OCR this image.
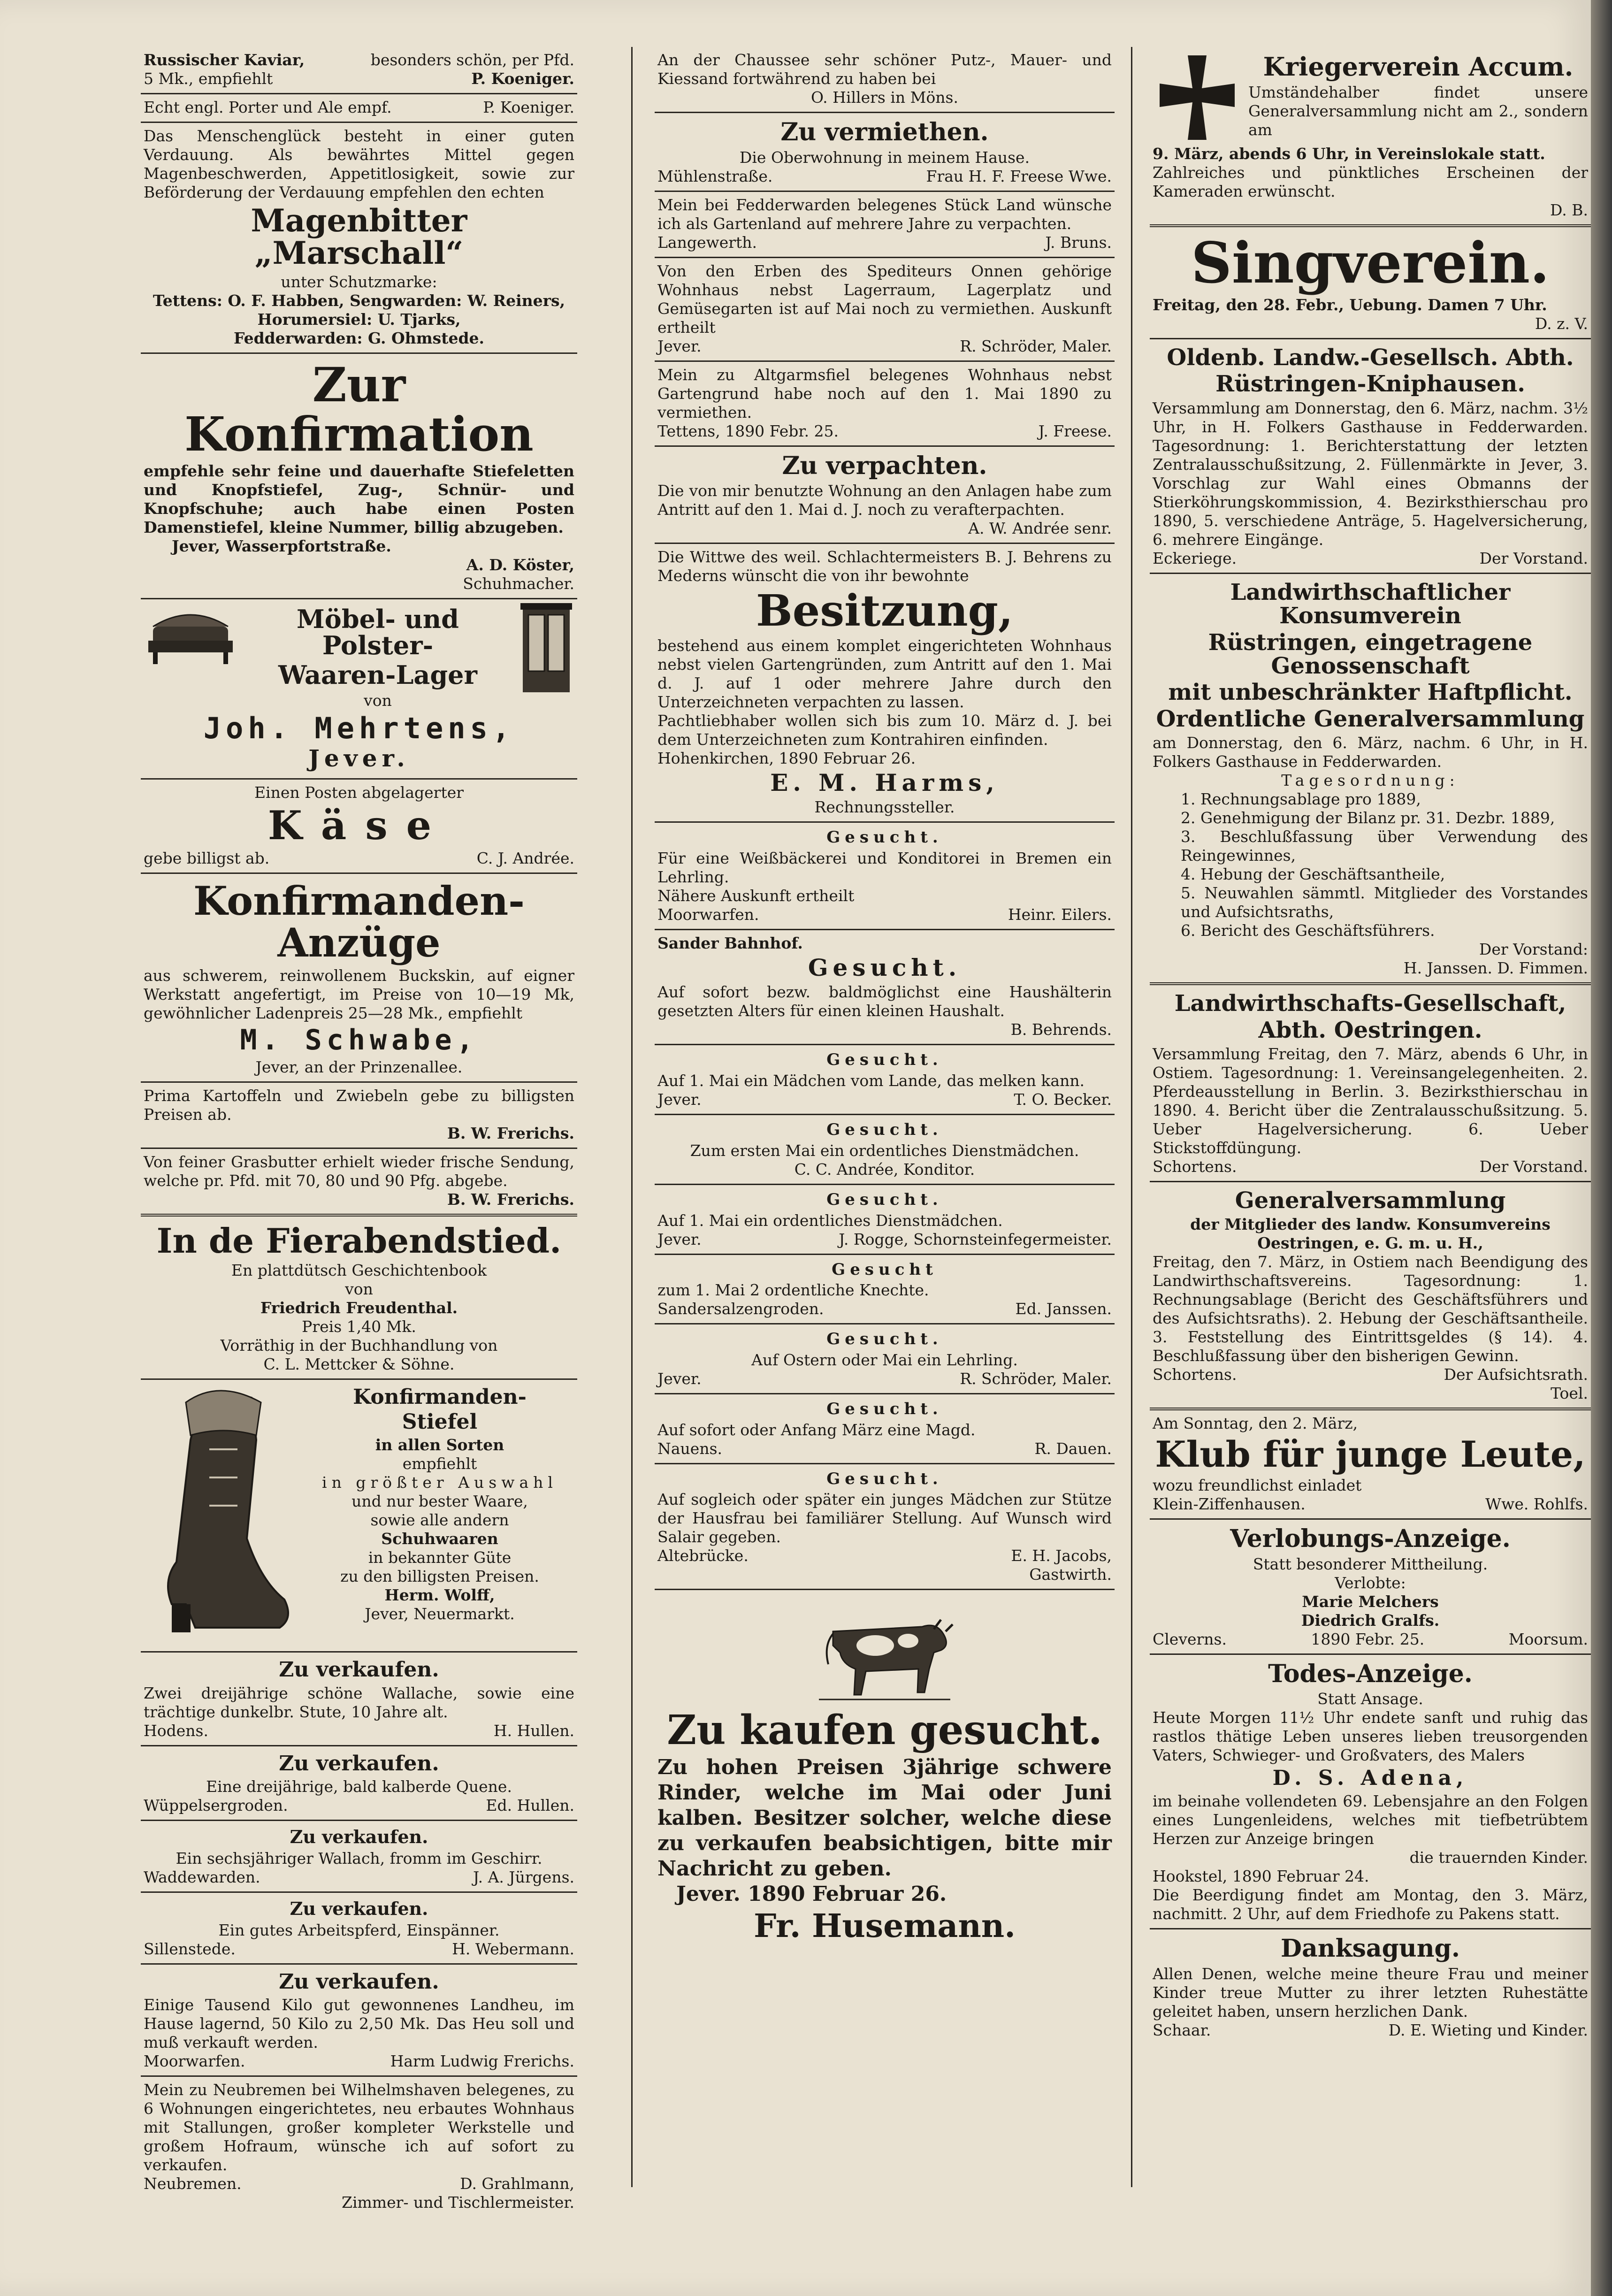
Russischer Kaviar,	besonders schön, per Pfd.
5 Mk., empfiehlt	P. Koeniger.
Echt engl. Porter und Ale empf.	P. Koeniger.

Das Menschenglück besteht in einer guten Verdauung. Als bewährtes Mittel gegen Magenbeschwerden, Appetitlosigkeit, sowie zur Beförderung der Verdauung empfehlen den echten

Magenbitter „Marschall“

unter Schutzmarke:

Tettens: O. F. Habben, Sengwarden: W. Reiners,

Horumersiel: U. Tjarks,

Fedderwarden: G. Ohmstede.

Zur Konfirmation

empfehle sehr feine und dauerhafte Stiefeletten und Knopfstiefel, Zug-, Schnür- und Knopfschuhe; auch habe einen Posten Damenstiefel, kleine Nummer, billig abzugeben.

Jever, Wasserpfortstraße.

A. D. Köster,

Schuhmacher.

Möbel- und Polster-
Waaren-Lager

von

Joh. Mehrtens,
Jever.

Einen Posten abgelagerter

Käse
gebe billigst ab.	C. J. Andrée.
Konfirmanden-Anzüge

aus schwerem, reinwollenem Buckskin, auf eigner Werkstatt angefertigt, im Preise von 10—19 Mk, gewöhnlicher Ladenpreis 25—28 Mk., empfiehlt

M. Schwabe,

Jever, an der Prinzenallee.

Prima Kartoffeln und Zwiebeln gebe zu billigsten Preisen ab.

B. W. Frerichs.

Von feiner Grasbutter erhielt wieder frische Sendung, welche pr. Pfd. mit 70, 80 und 90 Pfg. abgebe.

B. W. Frerichs.

In de Fierabendstied.

En plattdütsch Geschichtenbook

von

Friedrich Freudenthal.

Preis 1,40 Mk.

Vorräthig in der Buchhandlung von

C. L. Mettcker & Söhne.

Konfirmanden-
Stiefel

in allen Sorten

empfiehlt

in größter Auswahl

und nur bester Waare,

sowie alle andern

Schuhwaaren

in bekannter Güte

zu den billigsten Preisen.

Herm. Wolff,

Jever, Neuermarkt.

Zu verkaufen.

Zwei dreijährige schöne Wallache, sowie eine trächtige dunkelbr. Stute, 10 Jahre alt.

Hodens.	H. Hullen.
Zu verkaufen.

Eine dreijährige, bald kalberde Quene.

Wüppelsergroden.	Ed. Hullen.
Zu verkaufen.

Ein sechsjähriger Wallach, fromm im Geschirr.

Waddewarden.	J. A. Jürgens.
Zu verkaufen.

Ein gutes Arbeitspferd, Einspänner.

Sillenstede.	H. Webermann.
Zu verkaufen.

Einige Tausend Kilo gut gewonnenes Landheu, im Hause lagernd, 50 Kilo zu 2,50 Mk. Das Heu soll und muß verkauft werden.

Moorwarfen.	Harm Ludwig Frerichs.

Mein zu Neubremen bei Wilhelmshaven belegenes, zu 6 Wohnungen eingerichtetes, neu erbautes Wohnhaus mit Stallungen, großer kompleter Werkstelle und großem Hofraum, wünsche ich auf sofort zu verkaufen.

Neubremen.	D. Grahlmann,

Zimmer- und Tischlermeister.

An der Chaussee sehr schöner Putz-, Mauer- und Kiessand fortwährend zu haben bei

O. Hillers in Möns.

Zu vermiethen.

Die Oberwohnung in meinem Hause.

Mühlenstraße.	Frau H. F. Freese Wwe.

Mein bei Fedderwarden belegenes Stück Land wünsche ich als Gartenland auf mehrere Jahre zu verpachten.

Langewerth.	J. Bruns.

Von den Erben des Spediteurs Onnen gehörige Wohnhaus nebst Lagerraum, Lagerplatz und Gemüsegarten ist auf Mai noch zu vermiethen. Auskunft ertheilt

Jever.	R. Schröder, Maler.

Mein zu Altgarmsfiel belegenes Wohnhaus nebst Gartengrund habe noch auf den 1. Mai 1890 zu vermiethen.

Tettens, 1890 Febr. 25.	J. Freese.
Zu verpachten.

Die von mir benutzte Wohnung an den Anlagen habe zum Antritt auf den 1. Mai d. J. noch zu verafterpachten.

A. W. Andrée senr.

Die Wittwe des weil. Schlachtermeisters B. J. Behrens zu Mederns wünscht die von ihr bewohnte

Besitzung,

bestehend aus einem komplet eingerichteten Wohnhaus nebst vielen Gartengründen, zum Antritt auf den 1. Mai d. J. auf 1 oder mehrere Jahre durch den Unterzeichneten verpachten zu lassen.

Pachtliebhaber wollen sich bis zum 10. März d. J. bei dem Unterzeichneten zum Kontrahiren einfinden.

Hohenkirchen, 1890 Februar 26.

E. M. Harms,

Rechnungssteller.

Gesucht.

Für eine Weißbäckerei und Konditorei in Bremen ein Lehrling.

Nähere Auskunft ertheilt

Moorwarfen.	Heinr. Eilers.

Sander Bahnhof.

Gesucht.

Auf sofort bezw. baldmöglichst eine Haushälterin gesetzten Alters für einen kleinen Haushalt.

B. Behrends.

Gesucht.

Auf 1. Mai ein Mädchen vom Lande, das melken kann.

Jever.	T. O. Becker.
Gesucht.

Zum ersten Mai ein ordentliches Dienstmädchen.

C. C. Andrée, Konditor.

Gesucht.

Auf 1. Mai ein ordentliches Dienstmädchen.

Jever.	J. Rogge, Schornsteinfegermeister.
Gesucht

zum 1. Mai 2 ordentliche Knechte.

Sandersalzengroden.	Ed. Janssen.
Gesucht.

Auf Ostern oder Mai ein Lehrling.

Jever.	R. Schröder, Maler.
Gesucht.

Auf sofort oder Anfang März eine Magd.

Nauens.	R. Dauen.
Gesucht.

Auf sogleich oder später ein junges Mädchen zur Stütze der Hausfrau bei familiärer Stellung. Auf Wunsch wird Salair gegeben.

Altebrücke.	E. H. Jacobs,

Gastwirth.

Zu kaufen gesucht.

Zu hohen Preisen 3jährige schwere Rinder, welche im Mai oder Juni kalben. Besitzer solcher, welche diese zu verkaufen beabsichtigen, bitte mir Nachricht zu geben.

Jever. 1890 Februar 26.

Fr. Husemann.
Kriegerverein Accum.

Umständehalber findet unsere Generalversammlung nicht am 2., sondern am

9. März, abends 6 Uhr, in Vereinslokale statt.

Zahlreiches und pünktliches Erscheinen der Kameraden erwünscht.

D. B.

Singverein.

Freitag, den 28. Febr., Uebung. Damen 7 Uhr.

D. z. V.

Oldenb. Landw.-Gesellsch. Abth.
Rüstringen-Kniphausen.

Versammlung am Donnerstag, den 6. März, nachm. 3½ Uhr, in H. Folkers Gasthause in Fedderwarden. Tagesordnung: 1. Berichterstattung der letzten Zentralausschußsitzung, 2. Füllenmärkte in Jever, 3. Vorschlag zur Wahl eines Obmanns der Stierköhrungskommission, 4. Bezirksthierschau pro 1890, 5. verschiedene Anträge, 5. Hagelversicherung, 6. mehrere Eingänge.

Eckeriege.	Der Vorstand.
Landwirthschaftlicher Konsumverein
Rüstringen, eingetragene Genossenschaft
mit unbeschränkter Haftpflicht.
Ordentliche Generalversammlung

am Donnerstag, den 6. März, nachm. 6 Uhr, in H. Folkers Gasthause in Fedderwarden.

Tagesordnung:

1. Rechnungsablage pro 1889,

2. Genehmigung der Bilanz pr. 31. Dezbr. 1889,

3. Beschlußfassung über Verwendung des Reingewinnes,

4. Hebung der Geschäftsantheile,

5. Neuwahlen sämmtl. Mitglieder des Vorstandes und Aufsichtsraths,

6. Bericht des Geschäftsführers.

Der Vorstand:

H. Janssen. D. Fimmen.

Landwirthschafts-Gesellschaft,
Abth. Oestringen.

Versammlung Freitag, den 7. März, abends 6 Uhr, in Ostiem. Tagesordnung: 1. Vereinsangelegenheiten. 2. Pferdeausstellung in Berlin. 3. Bezirksthierschau in 1890. 4. Bericht über die Zentralausschußsitzung. 5. Ueber Hagelversicherung. 6. Ueber Stickstoffdüngung.

Schortens.	Der Vorstand.
Generalversammlung

der Mitglieder des landw. Konsumvereins Oestringen, e. G. m. u. H.,

Freitag, den 7. März, in Ostiem nach Beendigung des Landwirthschaftsvereins. Tagesordnung: 1. Rechnungsablage (Bericht des Geschäftsführers und des Aufsichtsraths). 2. Hebung der Geschäftsantheile. 3. Feststellung des Eintrittsgeldes (§ 14). 4. Beschlußfassung über den bisherigen Gewinn.

Schortens.	Der Aufsichtsrath.

Toel.

Am Sonntag, den 2. März,

Klub für junge Leute,

wozu freundlichst einladet

Klein-Ziffenhausen.	Wwe. Rohlfs.
Verlobungs-Anzeige.

Statt besonderer Mittheilung.

Verlobte:

Marie Melchers

Diedrich Gralfs.

Cleverns.	1890 Febr. 25.	Moorsum.
Todes-Anzeige.

Statt Ansage.

Heute Morgen 11½ Uhr endete sanft und ruhig das rastlos thätige Leben unseres lieben treusorgenden Vaters, Schwieger- und Großvaters, des Malers

D. S. Adena,

im beinahe vollendeten 69. Lebensjahre an den Folgen eines Lungenleidens, welches mit tiefbetrübtem Herzen zur Anzeige bringen

die trauernden Kinder.

Hookstel, 1890 Februar 24.

Die Beerdigung findet am Montag, den 3. März, nachmitt. 2 Uhr, auf dem Friedhofe zu Pakens statt.

Danksagung.

Allen Denen, welche meine theure Frau und meiner Kinder treue Mutter zu ihrer letzten Ruhestätte geleitet haben, unsern herzlichen Dank.

Schaar.	D. E. Wieting und Kinder.
